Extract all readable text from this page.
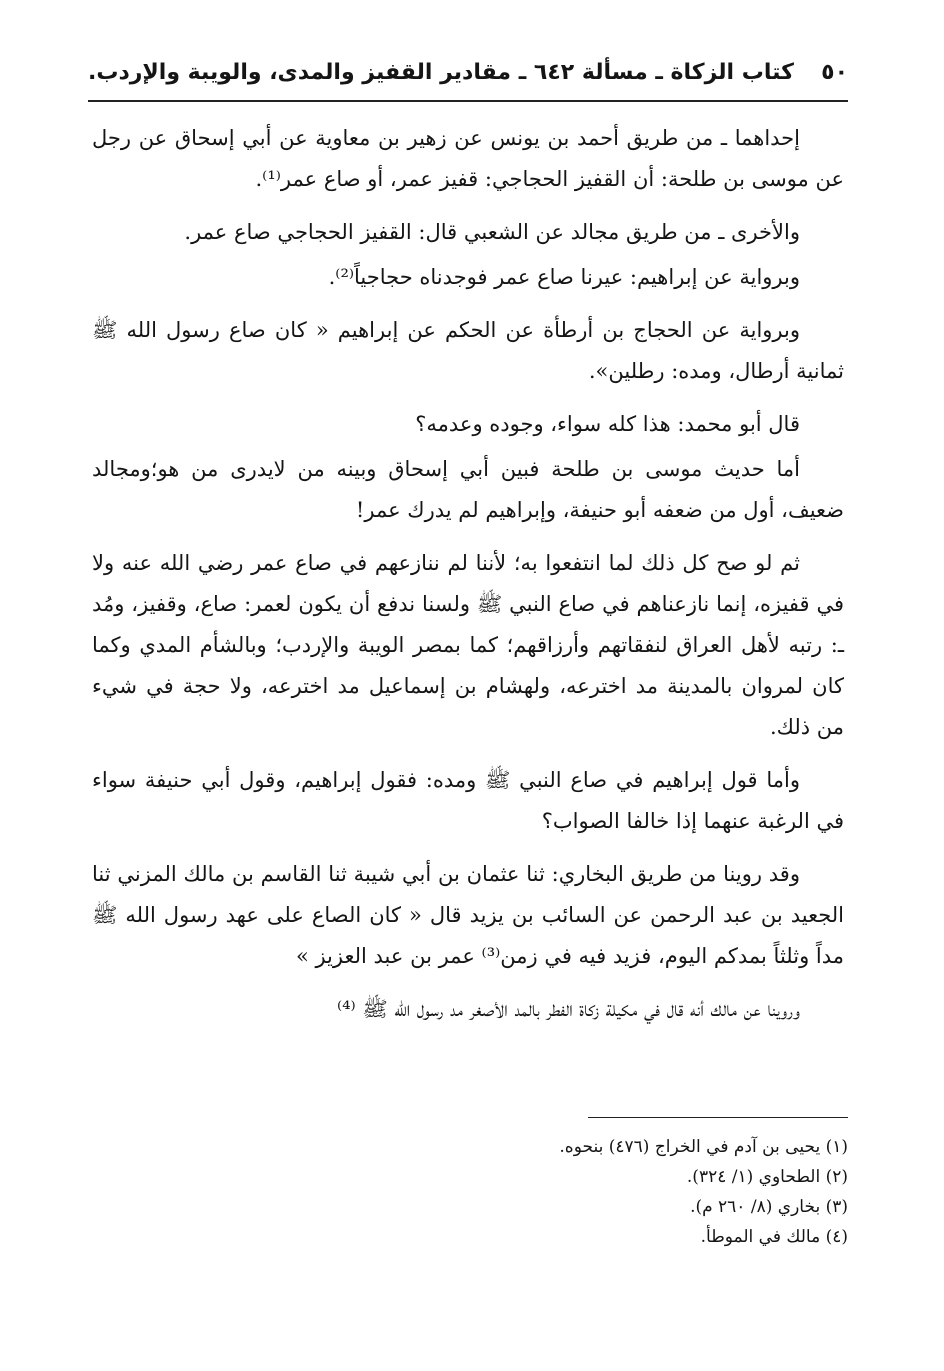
٥٠
كتاب الزكاة ـ مسألة ٦٤٢ ـ مقادير القفيز والمدى، والويبة والإردب.

إحداهما ـ من طريق أحمد بن يونس عن زهير بن معاوية عن أبي إسحاق عن رجل عن موسى بن طلحة: أن القفيز الحجاجي: قفيز عمر، أو صاع عمر⁽¹⁾.

والأخرى ـ من طريق مجالد عن الشعبي قال: القفيز الحجاجي صاع عمر.

وبرواية عن إبراهيم: عيرنا صاع عمر فوجدناه حجاجياً⁽²⁾.

وبرواية عن الحجاج بن أرطأة عن الحكم عن إبراهيم « كان صاع رسول الله ﷺ ثمانية أرطال، ومده: رطلين».

قال أبو محمد: هذا كله سواء، وجوده وعدمه؟

أما حديث موسى بن طلحة فبين أبي إسحاق وبينه من لايدرى من هو؛ومجالد ضعيف، أول من ضعفه أبو حنيفة، وإبراهيم لم يدرك عمر!

ثم لو صح كل ذلك لما انتفعوا به؛ لأننا لم ننازعهم في صاع عمر رضي الله عنه ولا في قفيزه، إنما نازعناهم في صاع النبي ﷺ ولسنا ندفع أن يكون لعمر: صاع، وقفيز، ومُد ـ: رتبه لأهل العراق لنفقاتهم وأرزاقهم؛ كما بمصر الويبة والإردب؛ وبالشأم المدي وكما كان لمروان بالمدينة مد اخترعه، ولهشام بن إسماعيل مد اخترعه، ولا حجة في شيء من ذلك.

وأما قول إبراهيم في صاع النبي ﷺ ومده: فقول إبراهيم، وقول أبي حنيفة سواء في الرغبة عنهما إذا خالفا الصواب؟

وقد روينا من طريق البخاري: ثنا عثمان بن أبي شيبة ثنا القاسم بن مالك المزني ثنا الجعيد بن عبد الرحمن عن السائب بن يزيد قال « كان الصاع على عهد رسول الله ﷺ مداً وثلثاً بمدكم اليوم، فزيد فيه في زمن⁽³⁾ عمر بن عبد العزيز »

وروينا عن مالك أنه قال في مكيلة زكاة الفطر بالمد الأصغر مد رسول الله ﷺ ⁽⁴⁾

(١) يحيى بن آدم في الخراج (٤٧٦) بنحوه.

(٢) الطحاوي (١/ ٣٢٤).

(٣) بخاري (٨/ ٢٦٠ م).

(٤) مالك في الموطأ.
